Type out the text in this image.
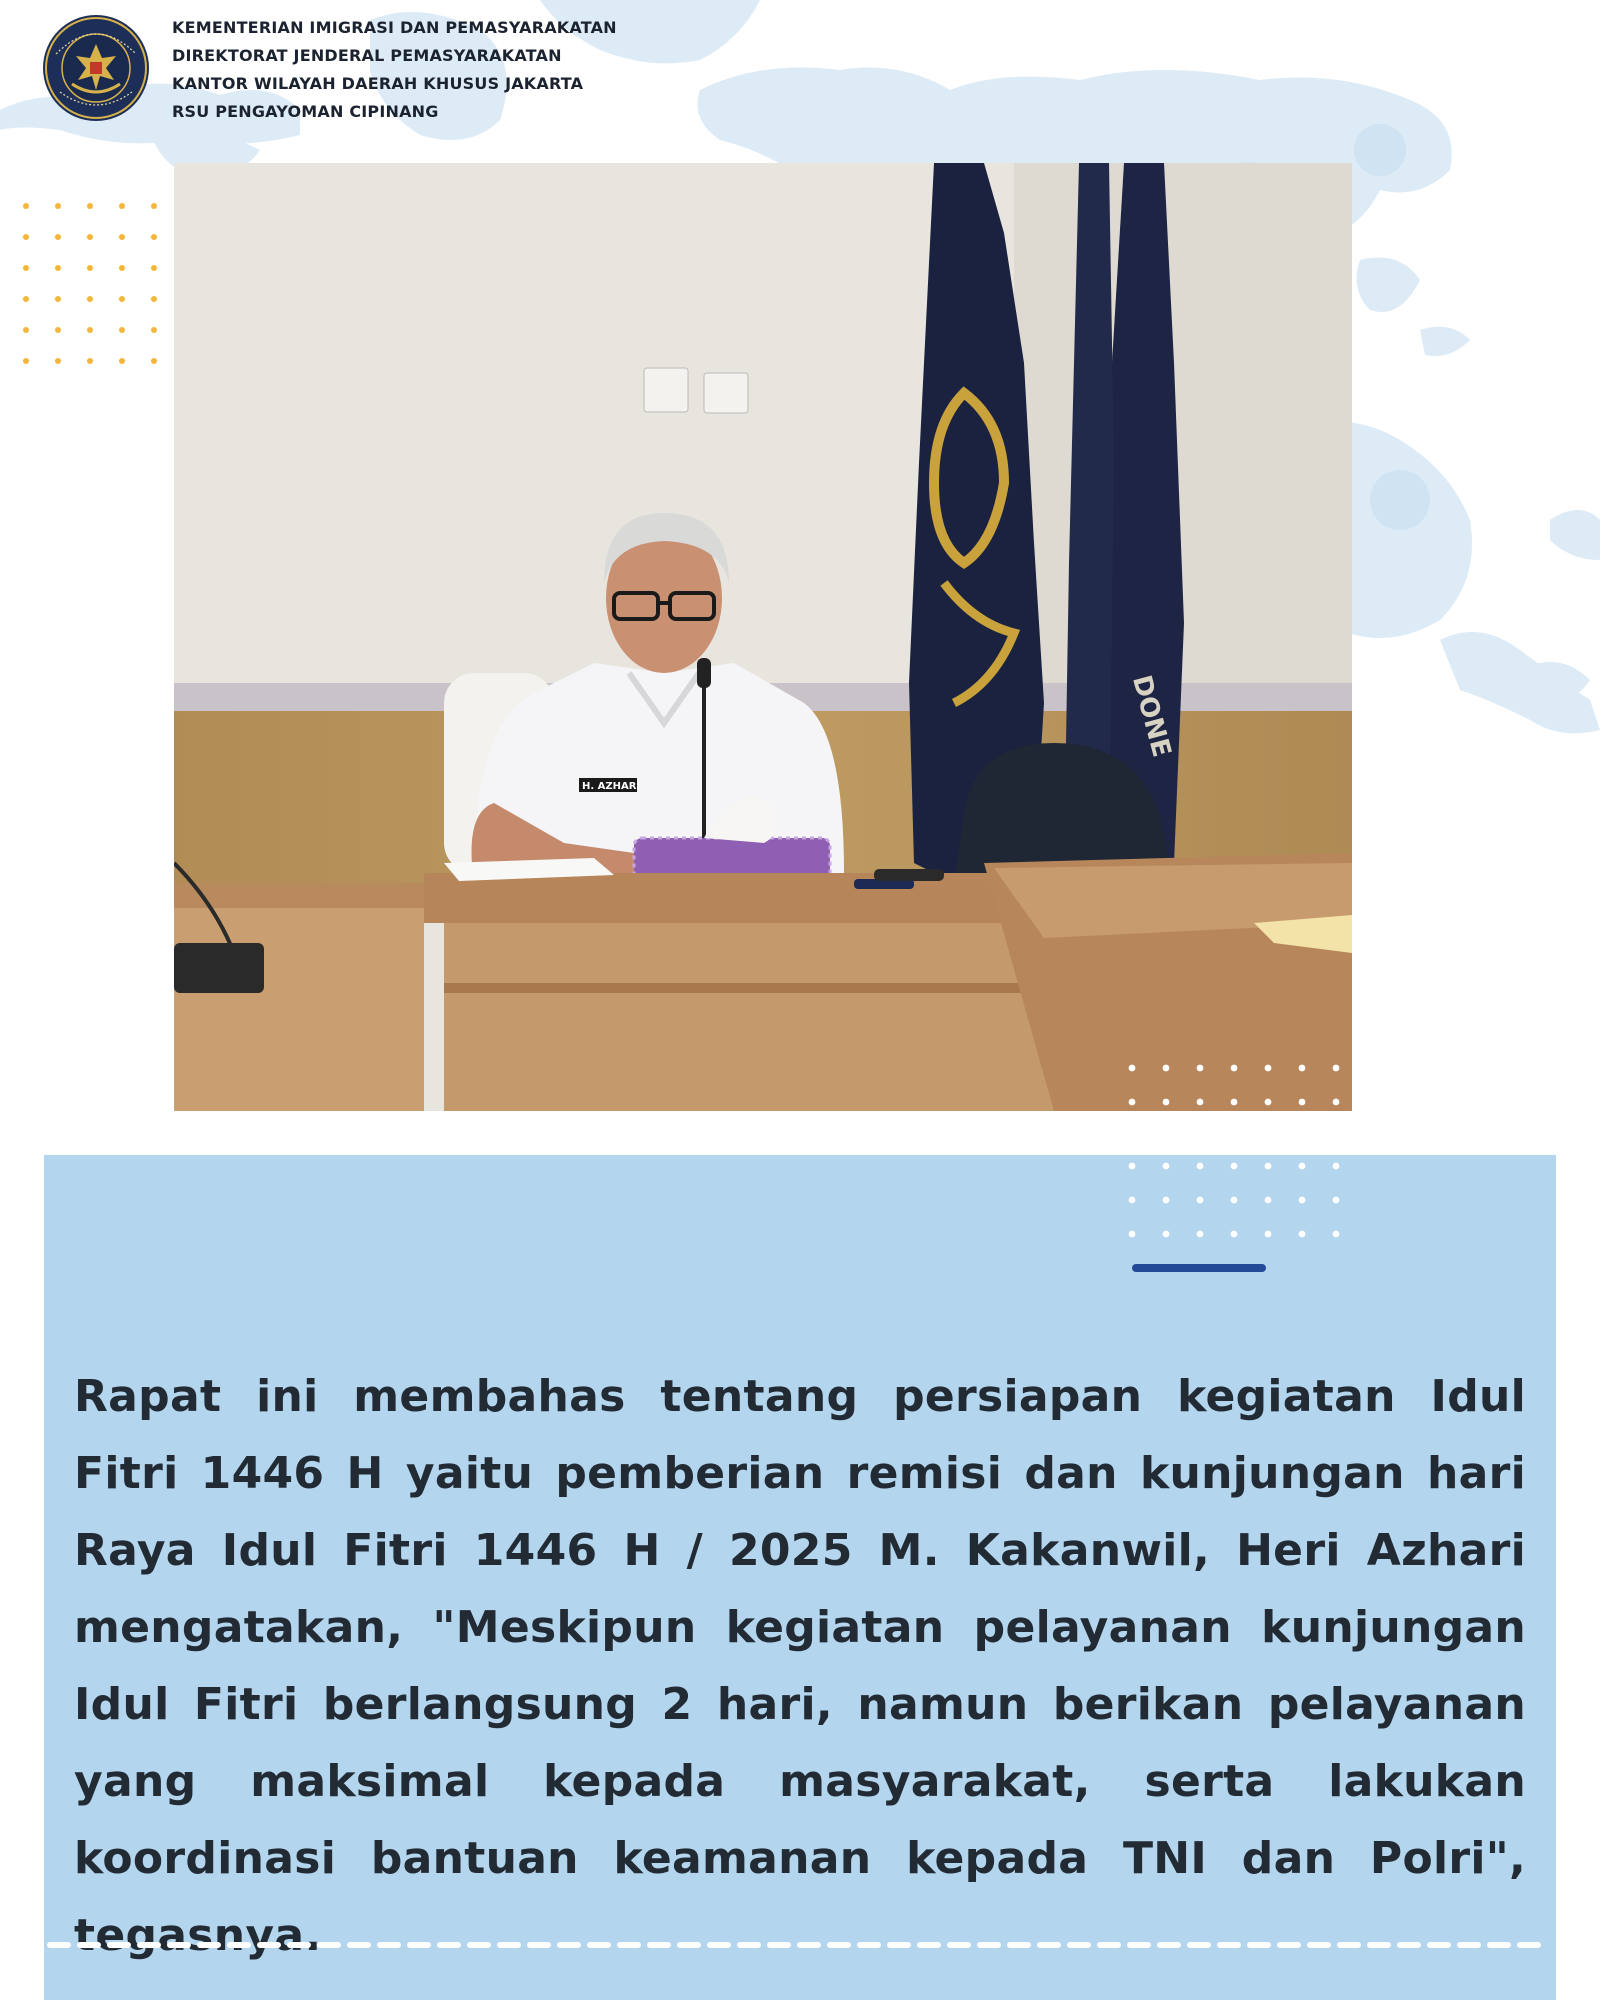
KEMENTERIAN IMIGRASI DAN PEMASYARAKATAN
DIREKTORAT JENDERAL PEMASYARAKATAN
KANTOR WILAYAH DAERAH KHUSUS JAKARTA
RSU PENGAYOMAN CIPINANG
DONE
H. AZHARI
Rapat ini membahas tentang persiapan kegiatan Idul Fitri 1446 H yaitu pemberian remisi dan kunjungan hari Raya Idul Fitri 1446 H / 2025 M. Kakanwil, Heri Azhari mengatakan, "Meskipun kegiatan pelayanan kunjungan Idul Fitri berlangsung 2 hari, namun berikan pelayanan yang maksimal kepada masyarakat, serta lakukan koordinasi bantuan keamanan kepada TNI dan Polri", tegasnya.
